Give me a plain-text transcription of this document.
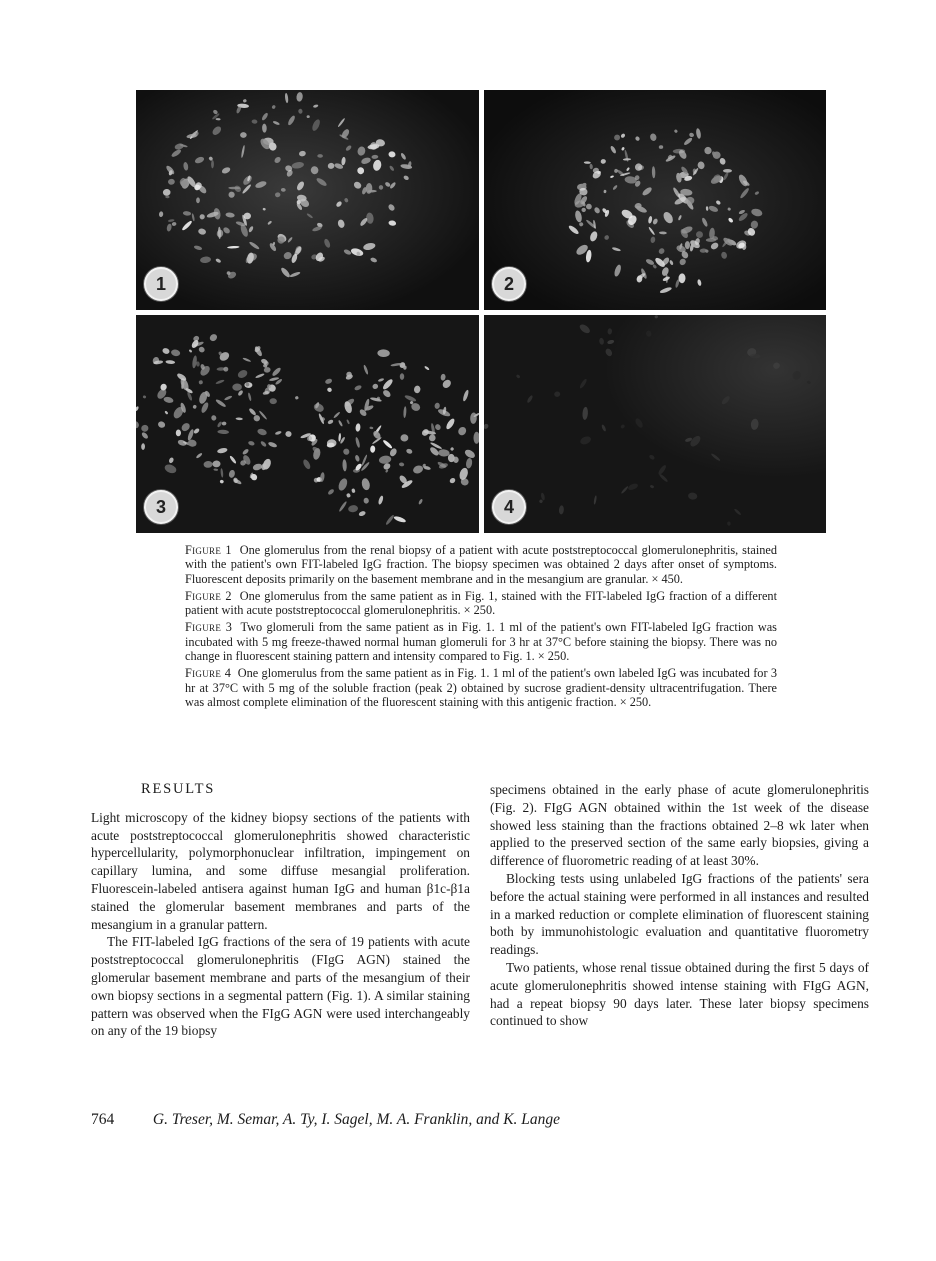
1	2
3	4

Figure 1 One glomerulus from the renal biopsy of a patient with acute poststreptococcal glomerulonephritis, stained with the patient's own FIT-labeled IgG fraction. The biopsy specimen was obtained 2 days after onset of symptoms. Fluorescent deposits primarily on the basement membrane and in the mesangium are granular. × 450.

Figure 2 One glomerulus from the same patient as in Fig. 1, stained with the FIT-labeled IgG fraction of a different patient with acute poststreptococcal glomerulonephritis. × 250.

Figure 3 Two glomeruli from the same patient as in Fig. 1. 1 ml of the patient's own FIT-labeled IgG fraction was incubated with 5 mg freeze-thawed normal human glomeruli for 3 hr at 37°C before staining the biopsy. There was no change in fluorescent staining pattern and intensity compared to Fig. 1. × 250.

Figure 4 One glomerulus from the same patient as in Fig. 1. 1 ml of the patient's own labeled IgG was incubated for 3 hr at 37°C with 5 mg of the soluble fraction (peak 2) obtained by sucrose gradient-density ultracentrifugation. There was almost complete elimination of the fluorescent staining with this antigenic fraction. × 250.

RESULTS

Light microscopy of the kidney biopsy sections of the patients with acute poststreptococcal glomerulonephritis showed characteristic hypercellularity, polymorphonuclear infiltration, impingement on capillary lumina, and some diffuse mesangial proliferation. Fluorescein-labeled antisera against human IgG and human β1c-β1a stained the glomerular basement membranes and parts of the mesangium in a granular pattern.

The FIT-labeled IgG fractions of the sera of 19 patients with acute poststreptococcal glomerulonephritis (FIgG AGN) stained the glomerular basement membrane and parts of the mesangium of their own biopsy sections in a segmental pattern (Fig. 1). A similar staining pattern was observed when the FIgG AGN were used interchangeably on any of the 19 biopsy

specimens obtained in the early phase of acute glomerulonephritis (Fig. 2). FIgG AGN obtained within the 1st week of the disease showed less staining than the fractions obtained 2–8 wk later when applied to the preserved section of the same early biopsies, giving a difference of fluorometric reading of at least 30%.

Blocking tests using unlabeled IgG fractions of the patients' sera before the actual staining were performed in all instances and resulted in a marked reduction or complete elimination of fluorescent staining both by immunohistologic evaluation and quantitative fluorometry readings.

Two patients, whose renal tissue obtained during the first 5 days of acute glomerulonephritis showed intense staining with FIgG AGN, had a repeat biopsy 90 days later. These later biopsy specimens continued to show

764 G. Treser, M. Semar, A. Ty, I. Sagel, M. A. Franklin, and K. Lange
